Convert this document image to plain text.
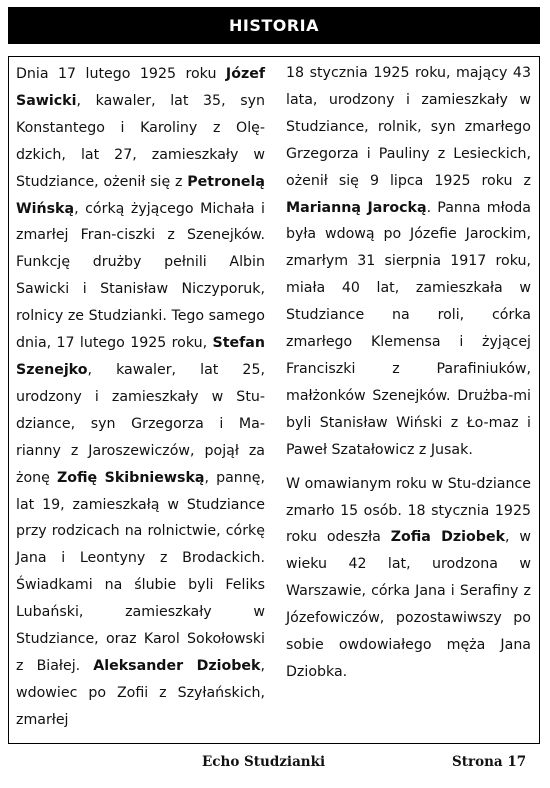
HISTORIA

Dnia 17 lutego 1925 roku Józef Sawicki, kawaler, lat 35, syn Konstantego i Karoliny z Olę-dzkich, lat 27, zamieszkały w Studziance, ożenił się z Petronelą Wińską, córką żyjącego Michała i zmarłej Fran-ciszki z Szenejków. Funkcję drużby pełnili Albin Sawicki i Stanisław Niczyporuk, rolnicy ze Studzianki. Tego samego dnia, 17 lutego 1925 roku, Stefan Szenejko, kawaler, lat 25, urodzony i zamieszkały w Stu-dziance, syn Grzegorza i Ma-rianny z Jaroszewiczów, pojął za żonę Zofię Skibniewską, pannę, lat 19, zamieszkałą w Studziance przy rodzicach na rolnictwie, córkę Jana i Leontyny z Brodackich. Świadkami na ślubie byli Feliks Lubański, zamieszkały w Studziance, oraz Karol Sokołowski z Białej. Aleksander Dziobek, wdowiec po Zofii z Szyłańskich, zmarłej

18 stycznia 1925 roku, mający 43 lata, urodzony i zamieszkały w Studziance, rolnik, syn zmarłego Grzegorza i Pauliny z Lesieckich, ożenił się 9 lipca 1925 roku z Marianną Jarocką. Panna młoda była wdową po Józefie Jarockim, zmarłym 31 sierpnia 1917 roku, miała 40 lat, zamieszkała w Studziance na roli, córka zmarłego Klemensa i żyjącej Franciszki z Parafiniuków, małżonków Szenejków. Drużba-mi byli Stanisław Wiński z Ło-maz i Paweł Szatałowicz z Jusak.

W omawianym roku w Stu-dziance zmarło 15 osób. 18 stycznia 1925 roku odeszła Zofia Dziobek, w wieku 42 lat, urodzona w Warszawie, córka Jana i Serafiny z Józefowiczów, pozostawiwszy po sobie owdowiałego męża Jana Dziobka.

Echo Studzianki	Strona 17
